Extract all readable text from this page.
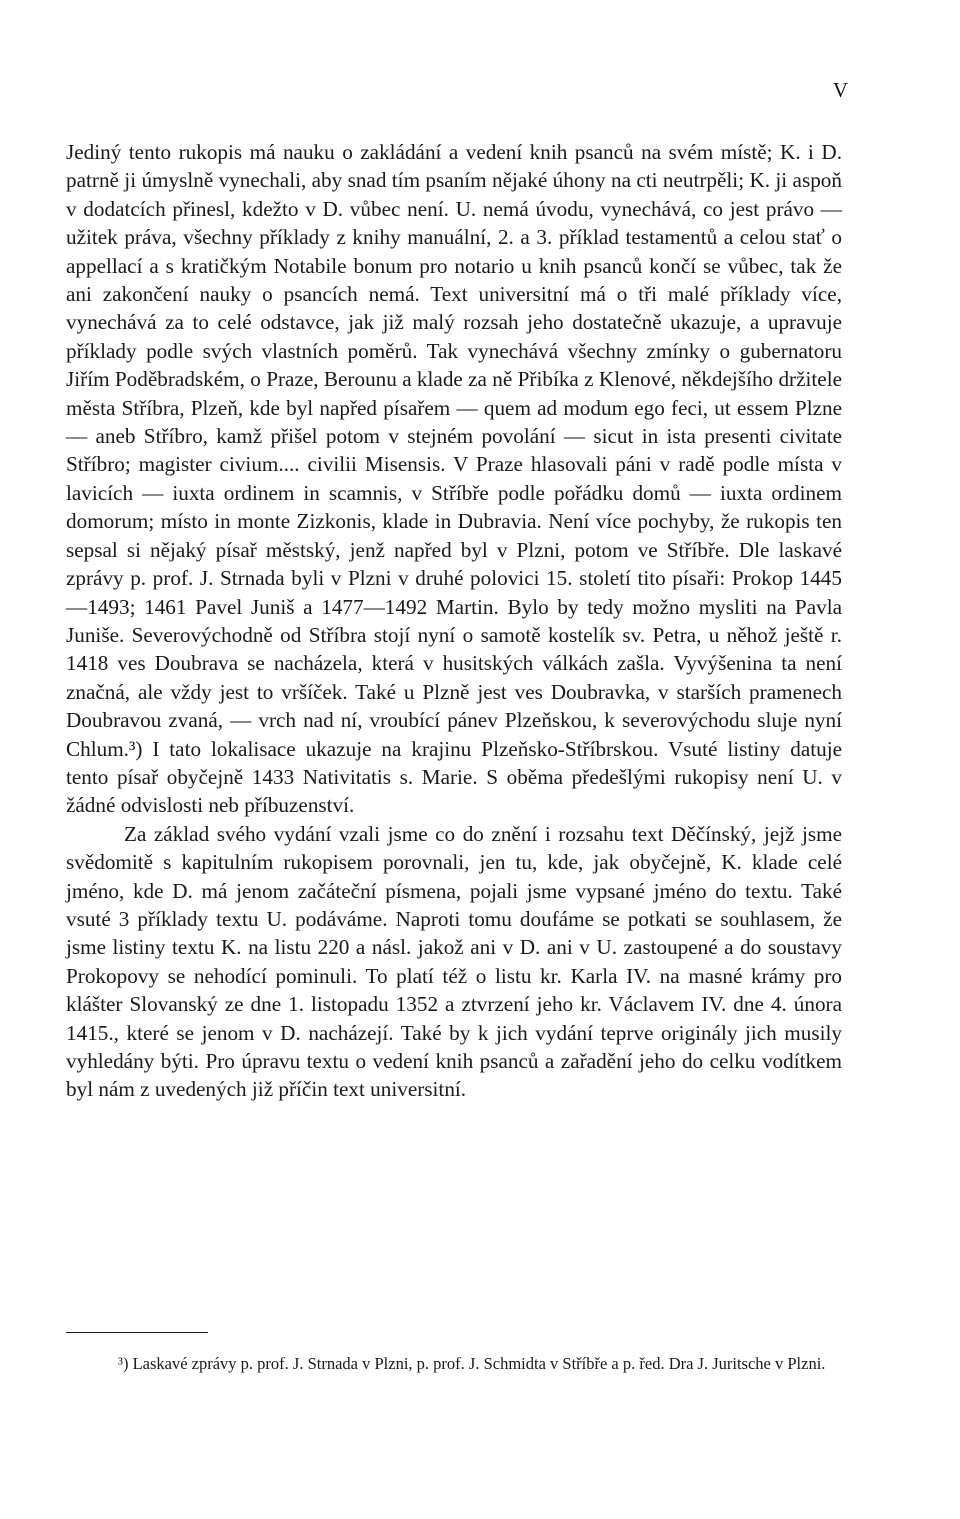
V

Jediný tento rukopis má nauku o zakládání a vedení knih psanců na svém místě; K. i D. patrně ji úmyslně vynechali, aby snad tím psaním nějaké úhony na cti neutrpěli; K. ji aspoň v dodatcích přinesl, kdežto v D. vůbec není. U. nemá úvodu, vynechává, co jest právo — užitek práva, všechny příklady z knihy manuální, 2. a 3. příklad testamentů a celou stať o appellací a s kratičkým Notabile bonum pro notario u knih psanců končí se vůbec, tak že ani zakončení nauky o psancích nemá. Text universitní má o tři malé příklady více, vynechává za to celé odstavce, jak již malý rozsah jeho dostatečně ukazuje, a upravuje příklady podle svých vlastních poměrů. Tak vynechává všechny zmínky o gubernatoru Jiřím Poděbradském, o Praze, Berounu a klade za ně Přibíka z Klenové, někdejšího držitele města Stříbra, Plzeň, kde byl napřed písařem — quem ad modum ego feci, ut essem Plzne — aneb Stříbro, kamž přišel potom v stejném povolání — sicut in ista presenti civitate Stříbro; magister civium.... civilii Misensis. V Praze hlasovali páni v radě podle místa v lavicích — iuxta ordinem in scamnis, v Stříbře podle pořádku domů — iuxta ordinem domorum; místo in monte Zizkonis, klade in Dubravia. Není více pochyby, že rukopis ten sepsal si nějaký písař městský, jenž napřed byl v Plzni, potom ve Stříbře. Dle laskavé zprávy p. prof. J. Strnada byli v Plzni v druhé polovici 15. století tito písaři: Prokop 1445—1493; 1461 Pavel Juniš a 1477—1492 Martin. Bylo by tedy možno mysliti na Pavla Juniše. Severovýchodně od Stříbra stojí nyní o samotě kostelík sv. Petra, u něhož ještě r. 1418 ves Doubrava se nacházela, která v husitských válkách zašla. Vyvýšenina ta není značná, ale vždy jest to vršíček. Také u Plzně jest ves Doubravka, v starších pramenech Doubravou zvaná, — vrch nad ní, vroubící pánev Plzeňskou, k severovýchodu sluje nyní Chlum.³) I tato lokalisace ukazuje na krajinu Plzeňsko-Stříbrskou. Vsuté listiny datuje tento písař obyčejně 1433 Nativitatis s. Marie. S oběma předešlými rukopisy není U. v žádné odvislosti neb příbuzenství.

Za základ svého vydání vzali jsme co do znění i rozsahu text Děčínský, jejž jsme svědomitě s kapitulním rukopisem porovnali, jen tu, kde, jak obyčejně, K. klade celé jméno, kde D. má jenom začáteční písmena, pojali jsme vypsané jméno do textu. Také vsuté 3 příklady textu U. podáváme. Naproti tomu doufáme se potkati se souhlasem, že jsme listiny textu K. na listu 220 a násl. jakož ani v D. ani v U. zastoupené a do soustavy Prokopovy se nehodící pominuli. To platí též o listu kr. Karla IV. na masné krámy pro klášter Slovanský ze dne 1. listopadu 1352 a ztvrzení jeho kr. Václavem IV. dne 4. února 1415., které se jenom v D. nacházejí. Také by k jich vydání teprve originály jich musily vyhledány býti. Pro úpravu textu o vedení knih psanců a zařadění jeho do celku vodítkem byl nám z uvedených již příčin text universitní.

³) Laskavé zprávy p. prof. J. Strnada v Plzni, p. prof. J. Schmidta v Stříbře a p. řed. Dra J. Juritsche v Plzni.
